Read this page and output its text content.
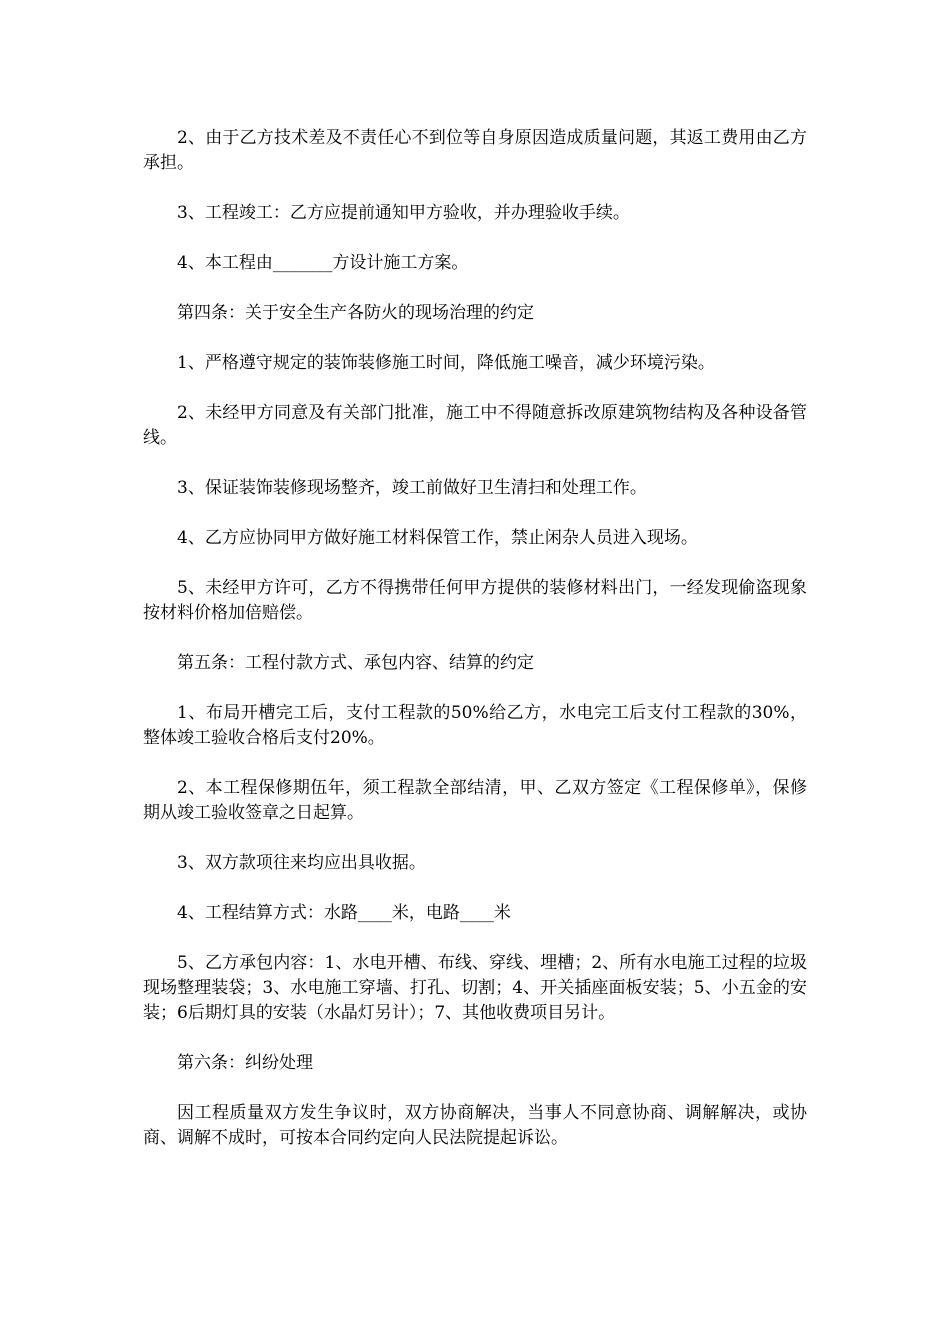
2、由于乙方技术差及不责任心不到位等自身原因造成质量问题，其返工费用由乙方承担。

3、工程竣工：乙方应提前通知甲方验收，并办理验收手续。

4、本工程由_______方设计施工方案。

第四条：关于安全生产各防火的现场治理的约定

1、严格遵守规定的装饰装修施工时间，降低施工噪音，减少环境污染。

2、未经甲方同意及有关部门批准，施工中不得随意拆改原建筑物结构及各种设备管线。

3、保证装饰装修现场整齐，竣工前做好卫生清扫和处理工作。

4、乙方应协同甲方做好施工材料保管工作，禁止闲杂人员进入现场。

5、未经甲方许可，乙方不得携带任何甲方提供的装修材料出门，一经发现偷盗现象按材料价格加倍赔偿。

第五条：工程付款方式、承包内容、结算的约定

1、布局开槽完工后，支付工程款的50%给乙方，水电完工后支付工程款的30%，整体竣工验收合格后支付20%。

2、本工程保修期伍年，须工程款全部结清，甲、乙双方签定《工程保修单》，保修期从竣工验收签章之日起算。

3、双方款项往来均应出具收据。

4、工程结算方式：水路____米，电路____米

5、乙方承包内容：1、水电开槽、布线、穿线、埋槽；2、所有水电施工过程的垃圾现场整理装袋；3、水电施工穿墙、打孔、切割；4、开关插座面板安装；5、小五金的安装；6后期灯具的安装（水晶灯另计）；7、其他收费项目另计。

第六条：纠纷处理

因工程质量双方发生争议时，双方协商解决，当事人不同意协商、调解解决，或协商、调解不成时，可按本合同约定向人民法院提起诉讼。
